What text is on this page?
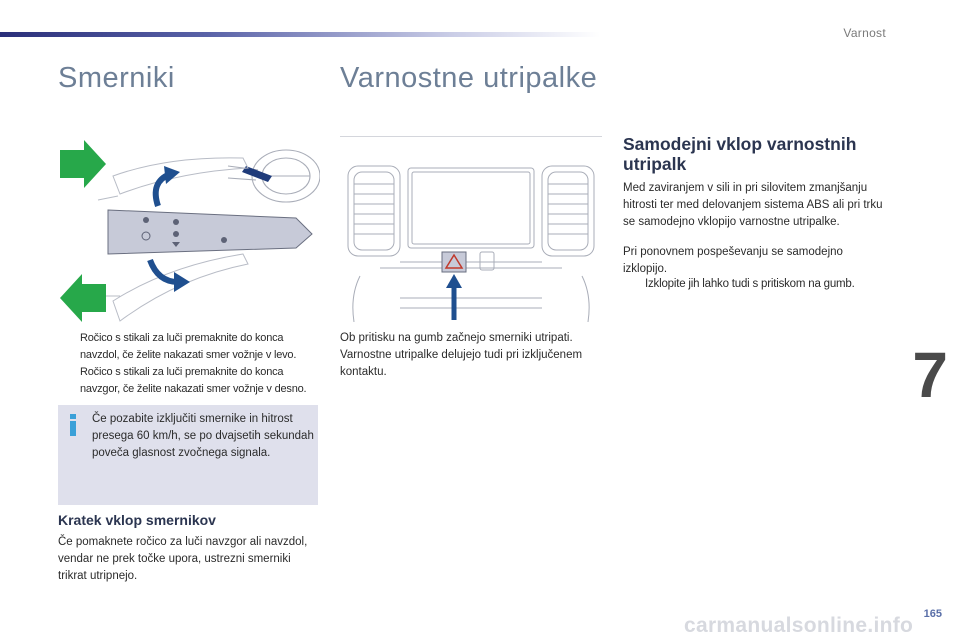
Varnost
Smerniki	Varnostne utripalke

Ročico s stikali za luči premaknite do konca navzdol, če želite nakazati smer vožnje v levo.

Ročico s stikali za luči premaknite do konca navzgor, če želite nakazati smer vožnje v desno.

Če pozabite izključiti smernike in hitrost presega 60 km/h, se po dvajsetih sekundah poveča glasnost zvočnega signala.
Kratek vklop smernikov
Če pomaknete ročico za luči navzgor ali navzdol, vendar ne prek točke upora, ustrezni smerniki trikrat utripnejo.
Ob pritisku na gumb začnejo smerniki utripati. Varnostne utripalke delujejo tudi pri izključenem kontaktu.
Samodejni vklop varnostnih utripalk
Med zaviranjem v sili in pri silovitem zmanjšanju hitrosti ter med delovanjem sistema ABS ali pri trku se samodejno vklopijo varnostne utripalke.
Pri ponovnem pospeševanju se samodejno izklopijo.
Izklopite jih lahko tudi s pritiskom na gumb.
7
165
carmanualsonline.info
